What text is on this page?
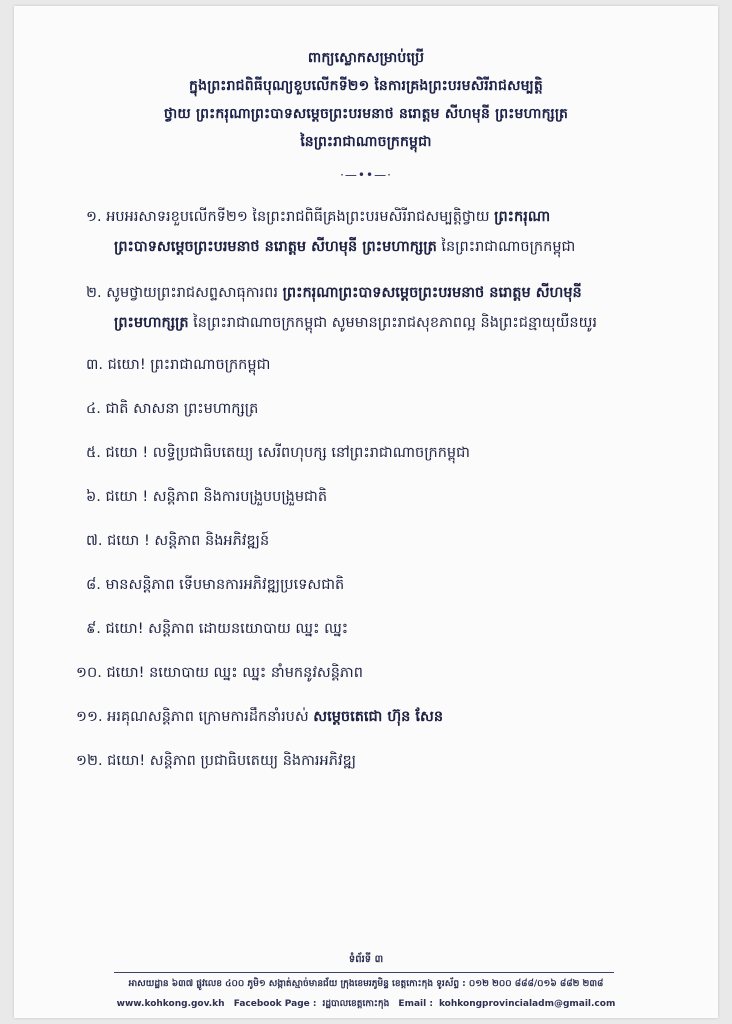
ពាក្យស្លោកសម្រាប់ប្រើ
ក្នុងព្រះរាជពិធីបុណ្យខួបលើកទី២១ នៃការគ្រងព្រះបរមសិរីរាជសម្បត្តិ
ថ្វាយ ព្រះករុណាព្រះបាទសម្តេចព្រះបរមនាថ នរោត្តម សីហមុនី ព្រះមហាក្សត្រ
នៃព្រះរាជាណាចក្រកម្ពុជា
·—••—·
១. អបអរសាទរខួបលើកទី២១ នៃព្រះរាជពិធីគ្រងព្រះបរមសិរីរាជសម្បត្តិថ្វាយ ព្រះករុណា
ព្រះបាទសម្តេចព្រះបរមនាថ នរោត្តម សីហមុនី ព្រះមហាក្សត្រ នៃព្រះរាជាណាចក្រកម្ពុជា
២. សូមថ្វាយព្រះរាជសព្ទសាធុការពរ ព្រះករុណាព្រះបាទសម្តេចព្រះបរមនាថ នរោត្តម សីហមុនី
ព្រះមហាក្សត្រ នៃព្រះរាជាណាចក្រកម្ពុជា សូមមានព្រះរាជសុខភាពល្អ និងព្រះជន្មាយុយឺនយូរ
៣. ជយោ! ព្រះរាជាណាចក្រកម្ពុជា
៤. ជាតិ សាសនា ព្រះមហាក្សត្រ
៥. ជយោ ! លទ្ធិប្រជាធិបតេយ្យ សេរីពហុបក្ស នៅព្រះរាជាណាចក្រកម្ពុជា
៦. ជយោ ! សន្តិភាព និងការបង្រួបបង្រួមជាតិ
៧. ជយោ ! សន្តិភាព និងអភិវឌ្ឍន៍
៨. មានសន្តិភាព ទើបមានការអភិវឌ្ឍប្រទេសជាតិ
៩. ជយោ! សន្តិភាព ដោយនយោបាយ ឈ្នះ ឈ្នះ
១០. ជយោ! នយោបាយ ឈ្នះ ឈ្នះ នាំមកនូវសន្តិភាព
១១. អរគុណសន្តិភាព ក្រោមការដឹកនាំរបស់ សម្តេចតេជោ ហ៊ុន សែន
១២. ជយោ! សន្តិភាព ប្រជាធិបតេយ្យ និងការអភិវឌ្ឍ
ទំព័រទី ៣
អាសយដ្ឋាន ៦៣៧ ផ្លូវលេខ ៤០០ ភូមិ១ សង្កាត់ស្មាច់មានជ័យ ក្រុងខេមរភូមិន្ទ ខេត្តកោះកុង ទូរស័ព្ទ : ០១២ ២០០ ៨៨៨/០១៦ ៨៨២ ២៣៨
www.kohkong.gov.kh Facebook Page : រដ្ឋបាលខេត្តកោះកុង Email : kohkongprovincialadm@gmail.com
